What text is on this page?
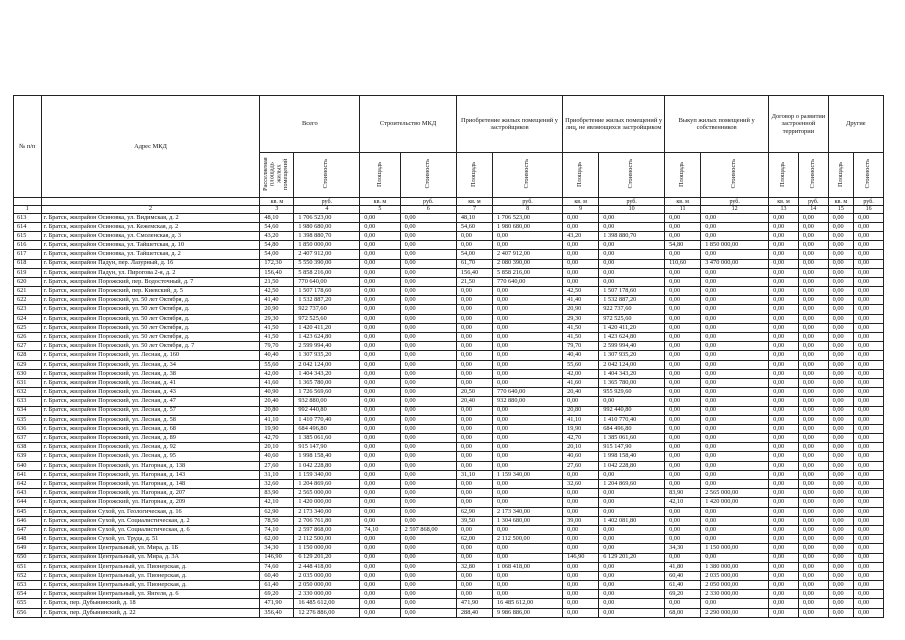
№ п/п	Адрес МКД	Всего		Строительство МКД		Приобретение жилых помещений у застройщиков		Приобретение жилых помещений у лиц, не являющихся застройщиком		Выкуп жилых помещений у собственников		Договор о развитии застроенной территории		Другие	
		Расселяемая площадь жилых помещений	Стоимость	Площадь	Стоимость	Площадь	Стоимость	Площадь	Стоимость	Площадь	Стоимость	Площадь	Стоимость	Площадь	Стоимость
		кв. м	руб.	кв. м	руб.	кв. м	руб.	кв. м	руб.	кв. м	руб.	кв. м	руб.	кв. м	руб.
1	2	3	4	5	6	7	8	9	10	11	12	13	14	15	16
613	г. Братск, жилрайон Осиновка, ул. Видимская, д. 2	48,10	1 706 523,00	0,00	0,00	48,10	1 706 523,00	0,00	0,00	0,00	0,00	0,00	0,00	0,00	0,00
614	г. Братск, жилрайон Осиновка, ул. Кежемская, д. 2	54,60	1 980 680,00	0,00	0,00	54,60	1 980 680,00	0,00	0,00	0,00	0,00	0,00	0,00	0,00	0,00
615	г. Братск, жилрайон Осиновка, ул. Смоленская, д. 3	43,20	1 398 880,70	0,00	0,00	0,00	0,00	43,20	1 398 880,70	0,00	0,00	0,00	0,00	0,00	0,00
616	г. Братск, жилрайон Осиновка, ул. Тайшетская, д. 10	54,80	1 850 000,00	0,00	0,00	0,00	0,00	0,00	0,00	54,80	1 850 000,00	0,00	0,00	0,00	0,00
617	г. Братск, жилрайон Осиновка, ул. Тайшетская, д. 2	54,00	2 407 912,00	0,00	0,00	54,00	2 407 912,00	0,00	0,00	0,00	0,00	0,00	0,00	0,00	0,00
618	г. Братск, жилрайон Падун, пер. Лазурный, д. 16	172,30	5 550 390,00	0,00	0,00	61,70	2 080 390,00	0,00	0,00	110,60	3 470 000,00	0,00	0,00	0,00	0,00
619	г. Братск, жилрайон Падун, ул. Пирогова 2-я, д. 2	156,40	5 858 216,00	0,00	0,00	156,40	5 858 216,00	0,00	0,00	0,00	0,00	0,00	0,00	0,00	0,00
620	г. Братск, жилрайон Порожский, пер. Водосточный, д. 7	21,50	770 640,00	0,00	0,00	21,50	770 640,00	0,00	0,00	0,00	0,00	0,00	0,00	0,00	0,00
621	г. Братск, жилрайон Порожский, пер. Киевский, д. 5	42,50	1 507 178,60	0,00	0,00	0,00	0,00	42,50	1 507 178,60	0,00	0,00	0,00	0,00	0,00	0,00
622	г. Братск, жилрайон Порожский, ул. 50 лет Октября, д.	41,40	1 532 887,20	0,00	0,00	0,00	0,00	41,40	1 532 887,20	0,00	0,00	0,00	0,00	0,00	0,00
623	г. Братск, жилрайон Порожский, ул. 50 лет Октября, д.	20,90	922 737,60	0,00	0,00	0,00	0,00	20,90	922 737,60	0,00	0,00	0,00	0,00	0,00	0,00
624	г. Братск, жилрайон Порожский, ул. 50 лет Октября, д.	29,30	972 525,60	0,00	0,00	0,00	0,00	29,30	972 525,60	0,00	0,00	0,00	0,00	0,00	0,00
625	г. Братск, жилрайон Порожский, ул. 50 лет Октября, д.	41,50	1 420 411,20	0,00	0,00	0,00	0,00	41,50	1 420 411,20	0,00	0,00	0,00	0,00	0,00	0,00
626	г. Братск, жилрайон Порожский, ул. 50 лет Октября, д.	41,50	1 423 624,80	0,00	0,00	0,00	0,00	41,50	1 423 624,80	0,00	0,00	0,00	0,00	0,00	0,00
627	г. Братск, жилрайон Порожский, ул. 50 лет Октября, д. 7	79,70	2 599 994,40	0,00	0,00	0,00	0,00	79,70	2 599 994,40	0,00	0,00	0,00	0,00	0,00	0,00
628	г. Братск, жилрайон Порожский, ул. Лесная, д. 160	40,40	1 307 935,20	0,00	0,00	0,00	0,00	40,40	1 307 935,20	0,00	0,00	0,00	0,00	0,00	0,00
629	г. Братск, жилрайон Порожский, ул. Лесная, д. 34	55,60	2 042 124,00	0,00	0,00	0,00	0,00	55,60	2 042 124,00	0,00	0,00	0,00	0,00	0,00	0,00
630	г. Братск, жилрайон Порожский, ул. Лесная, д. 38	42,00	1 404 343,20	0,00	0,00	0,00	0,00	42,00	1 404 343,20	0,00	0,00	0,00	0,00	0,00	0,00
631	г. Братск, жилрайон Порожский, ул. Лесная, д. 41	41,60	1 365 780,00	0,00	0,00	0,00	0,00	41,60	1 365 780,00	0,00	0,00	0,00	0,00	0,00	0,00
632	г. Братск, жилрайон Порожский, ул. Лесная, д. 43	40,90	1 726 569,60	0,00	0,00	20,50	770 640,00	20,40	955 929,60	0,00	0,00	0,00	0,00	0,00	0,00
633	г. Братск, жилрайон Порожский, ул. Лесная, д. 47	20,40	932 880,00	0,00	0,00	20,40	932 880,00	0,00	0,00	0,00	0,00	0,00	0,00	0,00	0,00
634	г. Братск, жилрайон Порожский, ул. Лесная, д. 57	20,80	992 440,80	0,00	0,00	0,00	0,00	20,80	992 440,80	0,00	0,00	0,00	0,00	0,00	0,00
635	г. Братск, жилрайон Порожский, ул. Лесная, д. 58	41,10	1 410 770,40	0,00	0,00	0,00	0,00	41,10	1 410 770,40	0,00	0,00	0,00	0,00	0,00	0,00
636	г. Братск, жилрайон Порожский, ул. Лесная, д. 68	19,90	684 496,80	0,00	0,00	0,00	0,00	19,90	684 496,80	0,00	0,00	0,00	0,00	0,00	0,00
637	г. Братск, жилрайон Порожский, ул. Лесная, д. 89	42,70	1 385 061,60	0,00	0,00	0,00	0,00	42,70	1 385 061,60	0,00	0,00	0,00	0,00	0,00	0,00
638	г. Братск, жилрайон Порожский, ул. Лесная, д. 92	20,10	915 147,90	0,00	0,00	0,00	0,00	20,10	915 147,90	0,00	0,00	0,00	0,00	0,00	0,00
639	г. Братск, жилрайон Порожский, ул. Лесная, д. 95	40,60	1 998 158,40	0,00	0,00	0,00	0,00	40,60	1 998 158,40	0,00	0,00	0,00	0,00	0,00	0,00
640	г. Братск, жилрайон Порожский, ул. Нагорная, д. 138	27,60	1 042 228,80	0,00	0,00	0,00	0,00	27,60	1 042 228,80	0,00	0,00	0,00	0,00	0,00	0,00
641	г. Братск, жилрайон Порожский, ул. Нагорная, д. 143	31,10	1 159 340,00	0,00	0,00	31,10	1 159 340,00	0,00	0,00	0,00	0,00	0,00	0,00	0,00	0,00
642	г. Братск, жилрайон Порожский, ул. Нагорная, д. 148	32,60	1 204 869,60	0,00	0,00	0,00	0,00	32,60	1 204 869,60	0,00	0,00	0,00	0,00	0,00	0,00
643	г. Братск, жилрайон Порожский, ул. Нагорная, д. 207	83,90	2 565 000,00	0,00	0,00	0,00	0,00	0,00	0,00	83,90	2 565 000,00	0,00	0,00	0,00	0,00
644	г. Братск, жилрайон Порожский, ул. Нагорная, д. 209	42,10	1 420 000,00	0,00	0,00	0,00	0,00	0,00	0,00	42,10	1 420 000,00	0,00	0,00	0,00	0,00
645	г. Братск, жилрайон Сухой, ул. Геологическая, д. 16	62,90	2 173 340,00	0,00	0,00	62,90	2 173 340,00	0,00	0,00	0,00	0,00	0,00	0,00	0,00	0,00
646	г. Братск, жилрайон Сухой, ул. Социалистическая, д. 2	78,50	2 706 761,80	0,00	0,00	39,50	1 304 680,00	39,00	1 402 081,80	0,00	0,00	0,00	0,00	0,00	0,00
647	г. Братск, жилрайон Сухой, ул. Социалистическая, д. 6	74,10	2 597 868,00	74,10	2 597 868,00	0,00	0,00	0,00	0,00	0,00	0,00	0,00	0,00	0,00	0,00
648	г. Братск, жилрайон Сухой, ул. Труда, д. 51	62,00	2 112 500,00	0,00	0,00	62,00	2 112 500,00	0,00	0,00	0,00	0,00	0,00	0,00	0,00	0,00
649	г. Братск, жилрайон Центральный, ул. Мира, д. 1Б	34,30	1 150 000,00	0,00	0,00	0,00	0,00	0,00	0,00	34,30	1 150 000,00	0,00	0,00	0,00	0,00
650	г. Братск, жилрайон Центральный, ул. Мира, д. 3А	146,90	6 129 201,20	0,00	0,00	0,00	0,00	146,90	6 129 201,20	0,00	0,00	0,00	0,00	0,00	0,00
651	г. Братск, жилрайон Центральный, ул. Пионерская, д.	74,60	2 448 418,00	0,00	0,00	32,80	1 068 418,00	0,00	0,00	41,80	1 380 000,00	0,00	0,00	0,00	0,00
652	г. Братск, жилрайон Центральный, ул. Пионерская, д.	60,40	2 035 000,00	0,00	0,00	0,00	0,00	0,00	0,00	60,40	2 035 000,00	0,00	0,00	0,00	0,00
653	г. Братск, жилрайон Центральный, ул. Пионерская, д.	61,40	2 050 000,00	0,00	0,00	0,00	0,00	0,00	0,00	61,40	2 050 000,00	0,00	0,00	0,00	0,00
654	г. Братск, жилрайон Центральный, ул. Янгеля, д. 6	69,20	2 330 000,00	0,00	0,00	0,00	0,00	0,00	0,00	69,20	2 330 000,00	0,00	0,00	0,00	0,00
655	г. Братск, пер. Дубынинский, д. 18	471,90	16 485 612,00	0,00	0,00	471,90	16 485 612,00	0,00	0,00	0,00	0,00	0,00	0,00	0,00	0,00
656	г. Братск, пер. Дубынинский, д. 22	356,40	12 276 886,00	0,00	0,00	288,40	9 986 886,00	0,00	0,00	68,00	2 290 000,00	0,00	0,00	0,00	0,00
